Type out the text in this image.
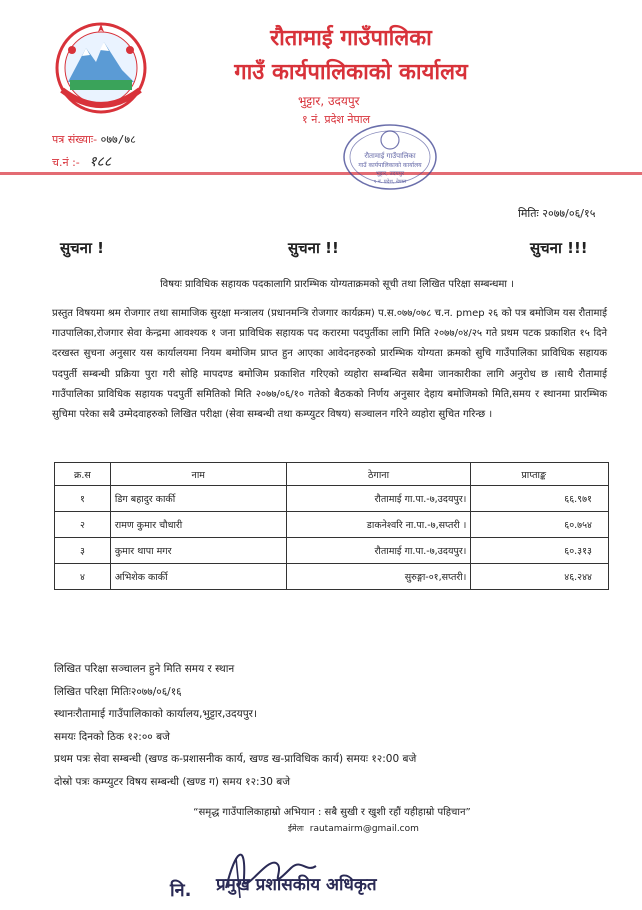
रौतामाई गाउँपालिका
गाउँ कार्यपालिकाको कार्यालय
भुट्टार, उदयपुर
१ नं. प्रदेश नेपाल
पत्र संख्याः- ०७७/७८
च.नं :- १८८	रौतामाई गाउँपालिका
गाउँ कार्यपालिकाको कार्यालय
भुट्टार, उदयपुर
१ नं. प्रदेश, नेपाल
मितिः २०७७/०६/१५
सुचना !	सुचना !!	सुचना !!!
विषयः प्राविधिक सहायक पदकालागि प्रारम्भिक योग्यताक्रमको सूची तथा लिखित परिक्षा सम्बन्धमा ।
प्रस्तुत विषयमा श्रम रोजगार तथा सामाजिक सुरक्षा मन्त्रालय (प्रधानमन्त्रि रोजगार कार्यक्रम) प.स.०७७/०७८ च.न. pmep २६ को पत्र बमोजिम यस रौतामाई गाउपालिका,रोजगार सेवा केन्द्रमा आवश्यक १ जना प्राविधिक सहायक पद करारमा पदपुर्तीका लागि मिति २०७७/०४/२५ गते प्रथम पटक प्रकाशित १५ दिने दरखस्त सुचना अनुसार यस कार्यालयमा नियम बमोजिम प्राप्त हुन आएका आवेदनहरुको प्रारम्भिक योग्यता क्रमको सुचि गाउँपालिका प्राविधिक सहायक पदपुर्ती सम्बन्धी प्रक्रिया पुरा गरी सोहि मापदण्ड बमोजिम प्रकाशित गरिएको व्यहोरा सम्बन्धित सबैमा जानकारीका लागि अनुरोध छ ।साथै रौतामाई गाउँपालिका प्राविधिक सहायक पदपुर्ती समितिको मिति २०७७/०६/१० गतेको बैठकको निर्णय अनुसार देहाय बमोजिमको मिति,समय र स्थानमा प्रारम्भिक सुचिमा परेका सबै उम्मेदवाहरुको लिखित परीक्षा (सेवा सम्बन्धी तथा कम्प्युटर विषय) सञ्चालन गरिने व्यहोरा सुचित गरिन्छ ।
क्र.स	नाम	ठेगाना	प्राप्ताङ्क
१	डिग बहादुर कार्की	रौतामाई गा.पा.-७,उदयपुर।	६६.९७१
२	रामण कुमार चौधारी	डाकनेश्वरि ना.पा.-७,सप्तरी ।	६०.७५४
३	कुमार थापा मगर	रौतामाई गा.पा.-७,उदयपुर।	६०.३१३
४	अभिशेक कार्की	सुरुङ्गा-०१,सप्तरी।	४६.२४४
लिखित परिक्षा सञ्चालन हुने मिति समय र स्थान
लिखित परिक्षा मितिः२०७७/०६/१६
स्थानःरौतामाई गाउँपालिकाको कार्यालय,भुट्टार,उदयपुर।
समयः दिनको ठिक १२:०० बजे
प्रथम पत्रः सेवा सम्बन्धी (खण्ड क-प्रशासनीक कार्य, खण्ड ख-प्राविधिक कार्य) समयः १२:00 बजे
दोस्रो पत्रः कम्प्युटर विषय सम्बन्धी (खण्ड ग) समय १२:30 बजे
“समृद्ध गाउँपालिकाहाम्रो अभियान : सबै सुखी र खुशी रहौं यहीहाम्रो पहिचान”
ईमेलः rautamairm@gmail.com
नि. प्रमुख प्रशासकीय अधिकृत
